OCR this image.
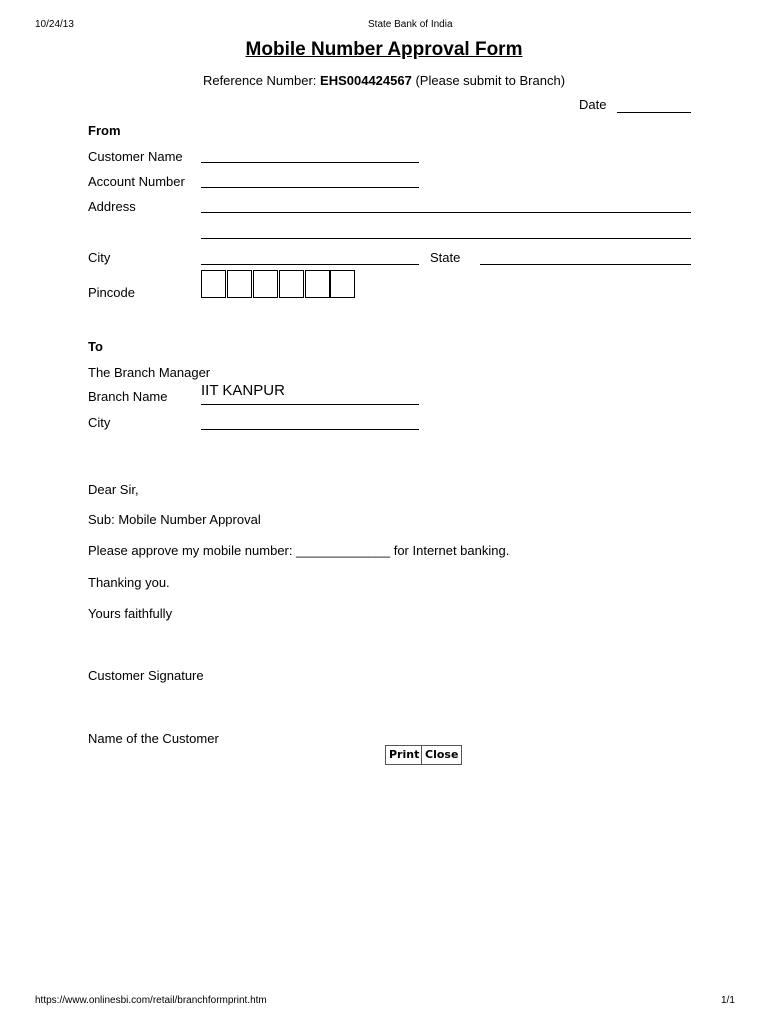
10/24/13	State Bank of India
Mobile Number Approval Form
Reference Number: EHS004424567 (Please submit to Branch)
Date
From
Customer Name
Account Number
Address
City	State
Pincode
To
The Branch Manager
Branch Name IIT KANPUR
City
Dear Sir,
Sub: Mobile Number Approval
Please approve my mobile number: _____________ for Internet banking.
Thanking you.
Yours faithfully
Customer Signature
Name of the Customer
Print Close
https://www.onlinesbi.com/retail/branchformprint.htm	1/1
